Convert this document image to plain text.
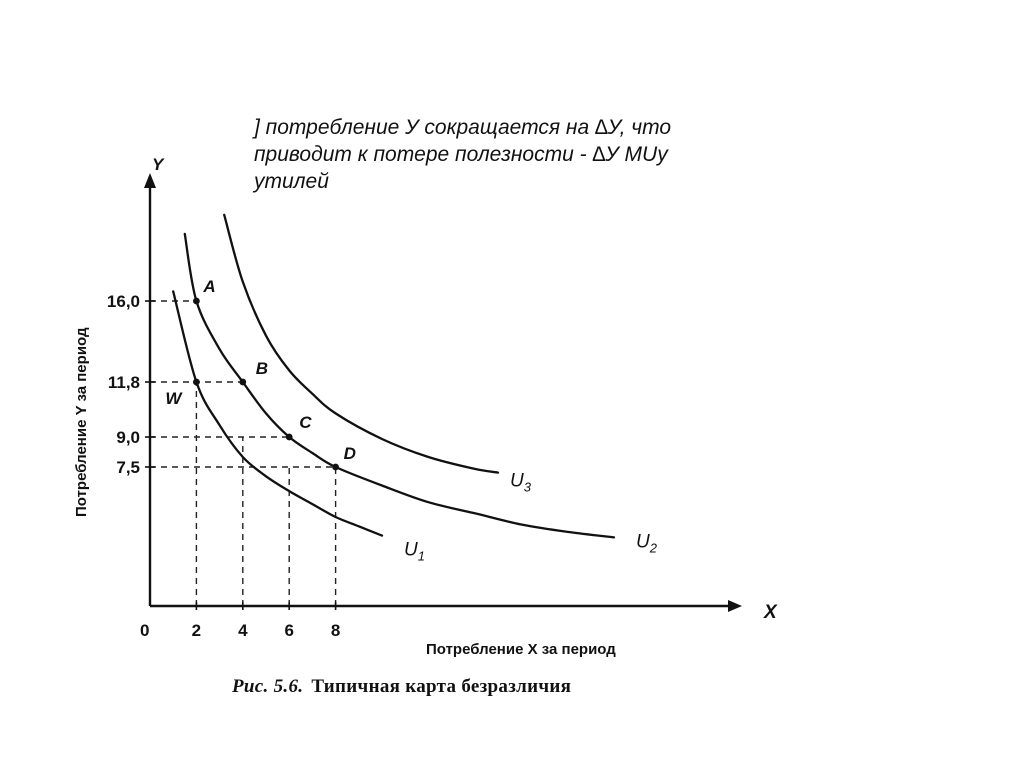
] потребление У сокращается на ∆У, что
приводит к потере полезности - ∆У MUу
утилей
2 4 6 8
16,0
11,8
9,0
7,5
A
B
C
D
W
$U_1$
$U_2$
$U_3$
X
Y
0
Потребление X за период
Потребление Y за период
Рис. 5.6. Типичная карта безразличия
